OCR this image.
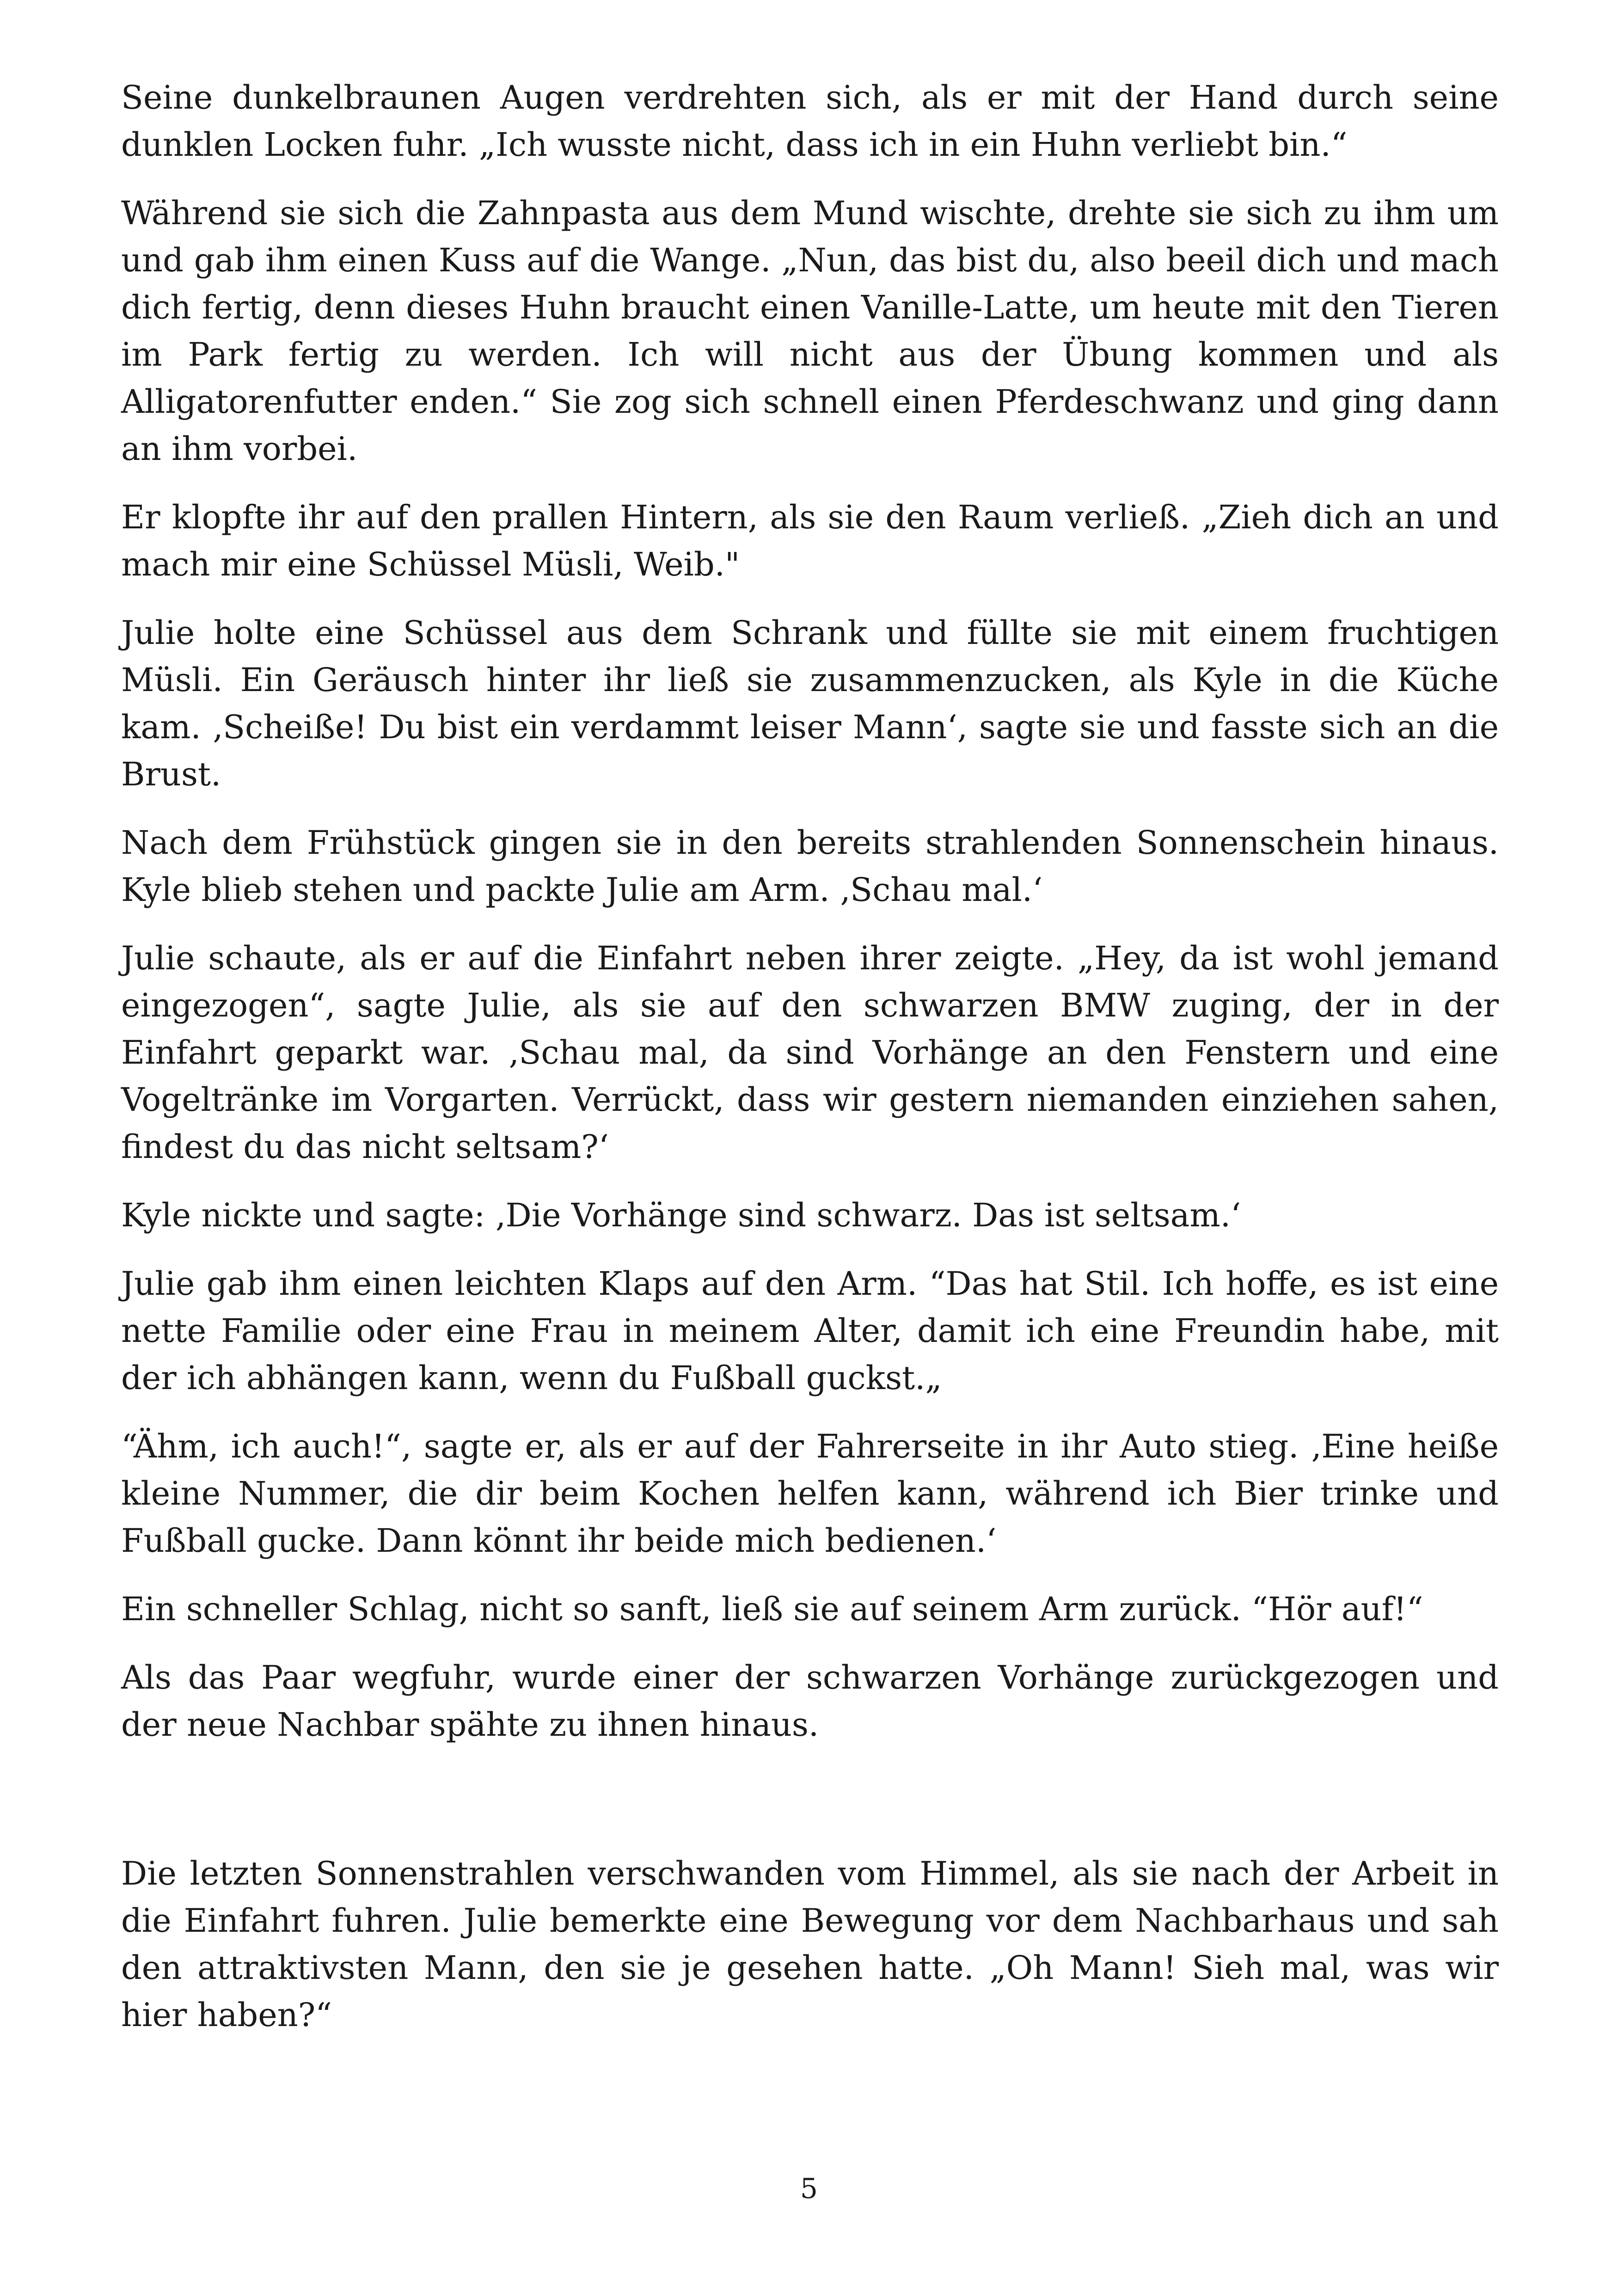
Seine dunkelbraunen Augen verdrehten sich, als er mit der Hand durch seine dunklen Locken fuhr. „Ich wusste nicht, dass ich in ein Huhn verliebt bin.“

Während sie sich die Zahnpasta aus dem Mund wischte, drehte sie sich zu ihm um und gab ihm einen Kuss auf die Wange. „Nun, das bist du, also beeil dich und mach dich fertig, denn dieses Huhn braucht einen Vanille-Latte, um heute mit den Tieren im Park fertig zu werden. Ich will nicht aus der Übung kommen und als Alligatorenfutter enden.“ Sie zog sich schnell einen Pferdeschwanz und ging dann an ihm vorbei.

Er klopfte ihr auf den prallen Hintern, als sie den Raum verließ. „Zieh dich an und mach mir eine Schüssel Müsli, Weib."

Julie holte eine Schüssel aus dem Schrank und füllte sie mit einem fruchtigen Müsli. Ein Geräusch hinter ihr ließ sie zusammenzucken, als Kyle in die Küche kam. ‚Scheiße! Du bist ein verdammt leiser Mann‘, sagte sie und fasste sich an die Brust.

Nach dem Frühstück gingen sie in den bereits strahlenden Sonnenschein hinaus. Kyle blieb stehen und packte Julie am Arm. ‚Schau mal.‘

Julie schaute, als er auf die Einfahrt neben ihrer zeigte. „Hey, da ist wohl jemand eingezogen“, sagte Julie, als sie auf den schwarzen BMW zuging, der in der Einfahrt geparkt war. ‚Schau mal, da sind Vorhänge an den Fenstern und eine Vogeltränke im Vorgarten. Verrückt, dass wir gestern niemanden einziehen sahen, findest du das nicht seltsam?‘

Kyle nickte und sagte: ‚Die Vorhänge sind schwarz. Das ist seltsam.‘

Julie gab ihm einen leichten Klaps auf den Arm. “Das hat Stil. Ich hoffe, es ist eine nette Familie oder eine Frau in meinem Alter, damit ich eine Freundin habe, mit der ich abhängen kann, wenn du Fußball guckst.„

“Ähm, ich auch!“, sagte er, als er auf der Fahrerseite in ihr Auto stieg. ‚Eine heiße kleine Nummer, die dir beim Kochen helfen kann, während ich Bier trinke und Fußball gucke. Dann könnt ihr beide mich bedienen.‘

Ein schneller Schlag, nicht so sanft, ließ sie auf seinem Arm zurück. “Hör auf!“

Als das Paar wegfuhr, wurde einer der schwarzen Vorhänge zurückgezogen und der neue Nachbar spähte zu ihnen hinaus.

Die letzten Sonnenstrahlen verschwanden vom Himmel, als sie nach der Arbeit in die Einfahrt fuhren. Julie bemerkte eine Bewegung vor dem Nachbarhaus und sah den attraktivsten Mann, den sie je gesehen hatte. „Oh Mann! Sieh mal, was wir hier haben?“

5
